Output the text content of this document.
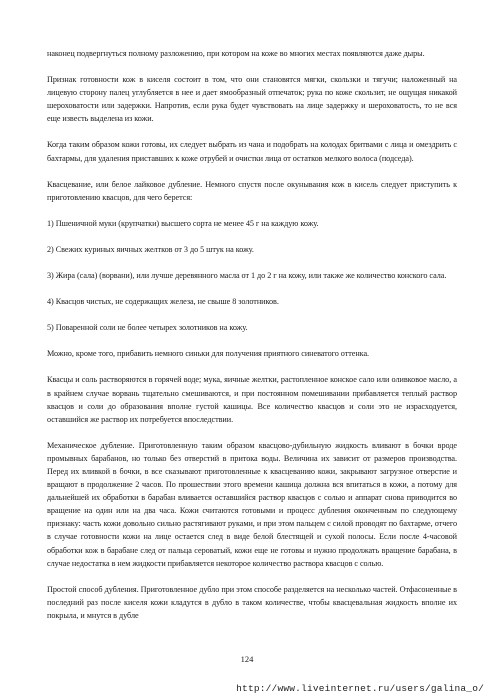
наконец подвергнуться полному разложению, при котором на коже во многих местах появляются даже дыры.

Признак готовности кож в киселя состоит в том, что они становятся мягки, скользки и тягучи; наложенный на лицевую сторону палец углубляется в нее и дает ямообразный отпечаток; рука по коже скользит, не ощущая никакой шероховатости или задержки. Напротив, если рука будет чувствовать на лице задержку и шероховатость, то не вся еще известь выделена из кожи.

Когда таким образом кожи готовы, их следует выбрать из чана и подобрать на колодах бритвами с лица и омездрить с бахтармы, для удаления приставших к коже отрубей и очистки лица от остатков мелкого волоса (подседа).

Квасцевание, или белое лайковое дубление. Немного спустя после окунывания кож в кисель следует приступить к приготовлению квасцов, для чего берется:

1) Пшеничной муки (крупчатки) высшего сорта не менее 45 г на каждую кожу.

2) Свежих куриных яичных желтков от 3 до 5 штук на кожу.

3) Жира (сала) (ворвани), или лучше деревянного масла от 1 до 2 г на кожу, или также же количество конского сала.

4) Квасцов чистых, не содержащих железа, не свыше 8 золотников.

5) Поваренной соли не более четырех золотников на кожу.

Можно, кроме того, прибавить немного синьки для получения приятного синеватого оттенка.

Квасцы и соль растворяются в горячей воде; мука, яичные желтки, растопленное конское сало или оливковое масло, а в крайнем случае ворвань тщательно смешиваются, и при постоянном помешивании прибавляется теплый раствор квасцов и соли до образования вполне густой кашицы. Все количество квасцов и соли это не израсходуется, оставшийся же раствор их потребуется впоследствии.

Механическое дубление. Приготовленную таким образом квасцово-дубильную жидкость вливают в бочки вроде промывных барабанов, но только без отверстий в притока воды. Величина их зависит от размеров производства. Перед их вливкой в бочки, в все сказывают приготовленные к квасцеванию кожи, закрывают загрузное отверстие и вращают в продолжение 2 часов. По прошествии этого времени кашица должна вся впитаться в кожи, а потому для дальнейшей их обработки в барабан вливается оставшийся раствор квасцов с солью и аппарат снова приводится во вращение на один или на два часа. Кожи считаются готовыми и процесс дубления оконченным по следующему признаку: часть кожи довольно сильно растягивают руками, и при этом пальцем с силой проводят по бахтарме, отчего в случае готовности кожи на лице остается след в виде белой блестящей и сухой полосы. Если после 4-часовой обработки кож в барабане след от пальца сероватый, кожи еще не готовы и нужно продолжать вращение барабана, в случае недостатка в нем жидкости прибавляется некоторое количество раствора квасцов с солью.

Простой способ дубления. Приготовленное дубло при этом способе разделяется на несколько частей. Отфасоненные в последний раз после киселя кожи кладутся в дубло в таком количестве, чтобы квасцевальная жидкость вполне их покрыла, и мнутся в дубле

124
http://www.liveinternet.ru/users/galina_o/
